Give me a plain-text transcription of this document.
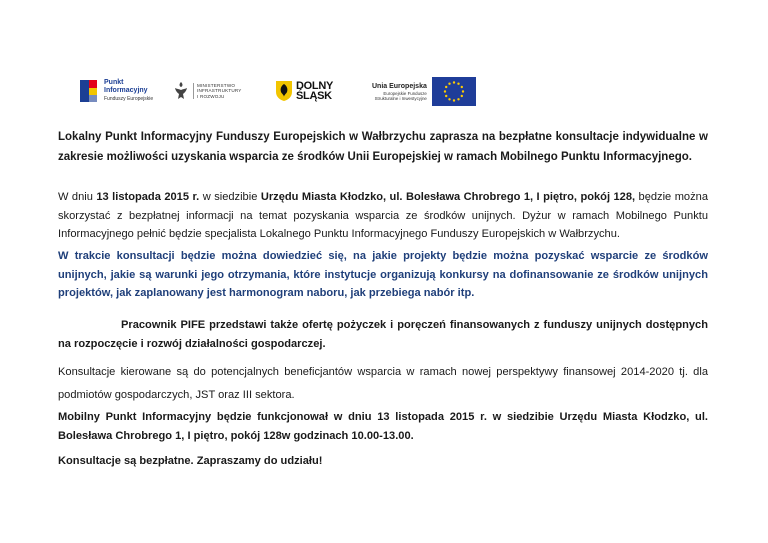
Punkt
Informacyjny
Funduszy Europejskie
MINISTERSTWO
INFRASTRUKTURY
I ROZWOJU
DOLNY
ŚLĄSK
Unia Europejska
Europejskie Fundusze
Strukturalne i Inwestycyjne
Lokalny Punkt Informacyjny Funduszy Europejskich w Wałbrzychu zaprasza na bezpłatne konsultacje indywidualne w zakresie możliwości uzyskania wsparcia ze środków Unii Europejskiej w ramach Mobilnego Punktu Informacyjnego.
W dniu 13 listopada 2015 r. w siedzibie Urzędu Miasta Kłodzko, ul. Bolesława Chrobrego 1, I piętro, pokój 128, będzie można skorzystać z bezpłatnej informacji na temat pozyskania wsparcia ze środków unijnych. Dyżur w ramach Mobilnego Punktu Informacyjnego pełnić będzie specjalista Lokalnego Punktu Informacyjnego Funduszy Europejskich w Wałbrzychu.
W trakcie konsultacji będzie można dowiedzieć się, na jakie projekty będzie można pozyskać wsparcie ze środków unijnych, jakie są warunki jego otrzymania, które instytucje organizują konkursy na dofinansowanie ze środków unijnych projektów, jak zaplanowany jest harmonogram naboru, jak przebiega nabór itp.
Pracownik PIFE przedstawi także ofertę pożyczek i poręczeń finansowanych z funduszy unijnych dostępnych na rozpoczęcie i rozwój działalności gospodarczej.
Konsultacje kierowane są do potencjalnych beneficjantów wsparcia w ramach nowej perspektywy finansowej 2014-2020 tj. dla podmiotów gospodarczych, JST oraz III sektora.
Mobilny Punkt Informacyjny będzie funkcjonował w dniu 13 listopada 2015 r. w siedzibie Urzędu Miasta Kłodzko, ul. Bolesława Chrobrego 1, I piętro, pokój 128w godzinach 10.00-13.00.
Konsultacje są bezpłatne. Zapraszamy do udziału!
